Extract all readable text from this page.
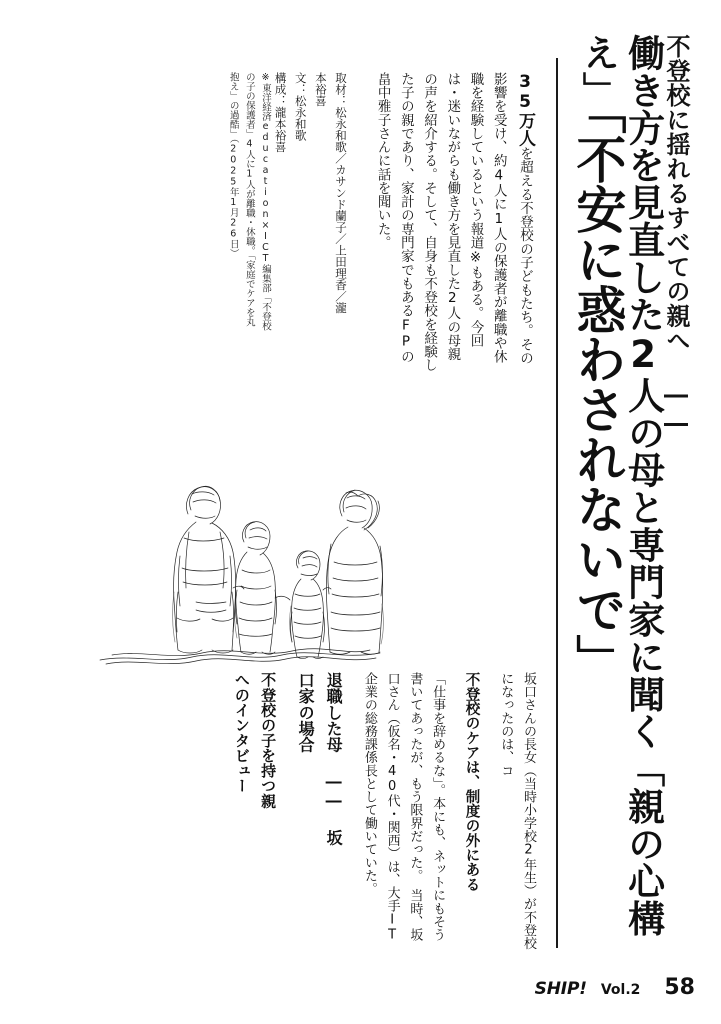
働き方を見直した2人の母と専門家に聞く「親の心構え」「不安に惑わされないで」	不登校に揺れるすべての親へ ――
35万人を超える不登校の子どもたち。その影響を受け、約4人に1人の保護者が離職や休職を経験しているという報道※もある。今回は・迷いながらも働き方を見直した2人の母親の声を紹介する。そして、自身も不登校を経験した子の親であり、家計の専門家でもあるFPの畠中雅子さんに話を聞いた。
取材：松永和歌／カサンド蘭子／上田理香／瀧本裕喜
文：松永和歌
構成：瀧本裕喜
※東洋経済education×ICT編集部「不登校の子の保護者」4人に1人が離職・休職。「家庭でケアを丸抱え」の過酷」（2025年1月26日）
不登校の子を持つ親へのインタビュー	退職した母 ―― 坂口家の場合	「仕事を辞めるな」。本にも、ネットにもそう書いてあったが、もう限界だった。　当時、坂口さん（仮名・40代・関西）は、大手IT企業の総務課係長として働いていた。	不登校のケアは、制度の外にある	坂口さんの長女（当時小学校2年生）が不登校になったのは、コ
SHIP! Vol.2 58
